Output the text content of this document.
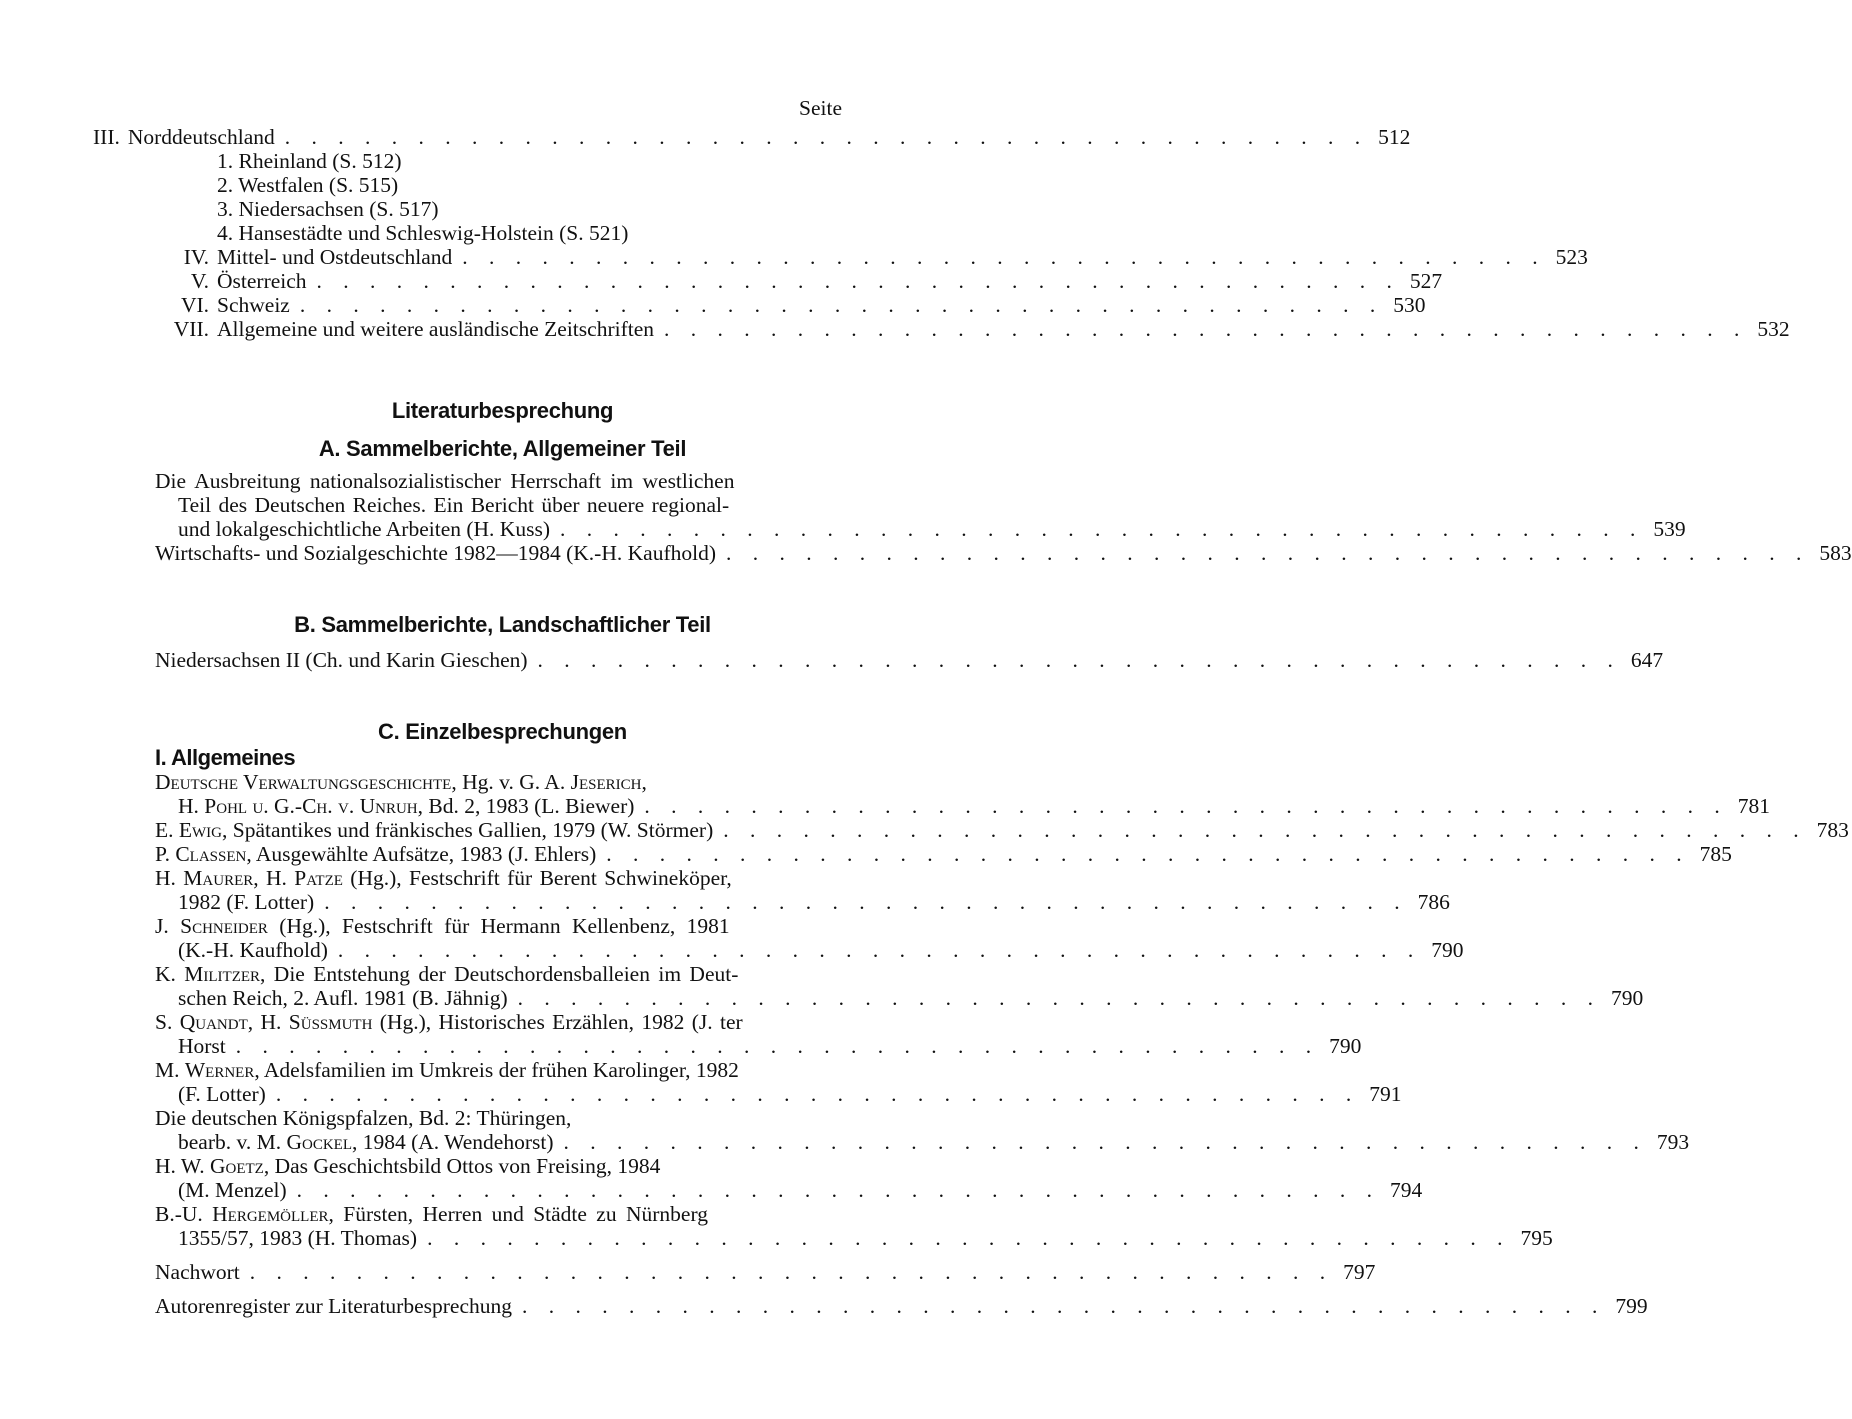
Seite
III. Norddeutschland . . . . . . . . . . . . . . . . . . . . . . . . . . . . . . . . . . . . . . . . . 512
1. Rheinland (S. 512)
2. Westfalen (S. 515)
3. Niedersachsen (S. 517)
4. Hansestädte und Schleswig-Holstein (S. 521)
IV. Mittel- und Ostdeutschland . . . . . . . . . . . . . . . . . . . . . . . . . . . . . . . . . . . . . . . . . 523
V. Österreich . . . . . . . . . . . . . . . . . . . . . . . . . . . . . . . . . . . . . . . . . 527
VI. Schweiz . . . . . . . . . . . . . . . . . . . . . . . . . . . . . . . . . . . . . . . . . 530
VII. Allgemeine und weitere ausländische Zeitschriften . . . . . . . . . . . . . . . . . . . . . . . . . . . . . . . . . . . . . . . . . 532
Literaturbesprechung
A. Sammelberichte, Allgemeiner Teil
Die Ausbreitung nationalsozialistischer Herrschaft im westlichen
Teil des Deutschen Reiches. Ein Bericht über neuere regional-
und lokalgeschichtliche Arbeiten (H. Kuss) . . . . . . . . . . . . . . . . . . . . . . . . . . . . . . . . . . . . . . . . . 539
Wirtschafts- und Sozialgeschichte 1982—1984 (K.-H. Kaufhold) . . . . . . . . . . . . . . . . . . . . . . . . . . . . . . . . . . . . . . . . . 583
B. Sammelberichte, Landschaftlicher Teil
Niedersachsen II (Ch. und Karin Gieschen) . . . . . . . . . . . . . . . . . . . . . . . . . . . . . . . . . . . . . . . . . 647
C. Einzelbesprechungen
I. Allgemeines
Deutsche Verwaltungsgeschichte, Hg. v. G. A. Jeserich,
H. Pohl u. G.-Ch. v. Unruh, Bd. 2, 1983 (L. Biewer) . . . . . . . . . . . . . . . . . . . . . . . . . . . . . . . . . . . . . . . . . 781
E. Ewig, Spätantikes und fränkisches Gallien, 1979 (W. Störmer) . . . . . . . . . . . . . . . . . . . . . . . . . . . . . . . . . . . . . . . . . 783
P. Classen, Ausgewählte Aufsätze, 1983 (J. Ehlers) . . . . . . . . . . . . . . . . . . . . . . . . . . . . . . . . . . . . . . . . . 785
H. Maurer, H. Patze (Hg.), Festschrift für Berent Schwineköper,
1982 (F. Lotter) . . . . . . . . . . . . . . . . . . . . . . . . . . . . . . . . . . . . . . . . . 786
J. Schneider (Hg.), Festschrift für Hermann Kellenbenz, 1981
(K.-H. Kaufhold) . . . . . . . . . . . . . . . . . . . . . . . . . . . . . . . . . . . . . . . . . 790
K. Militzer, Die Entstehung der Deutschordensballeien im Deut-
schen Reich, 2. Aufl. 1981 (B. Jähnig) . . . . . . . . . . . . . . . . . . . . . . . . . . . . . . . . . . . . . . . . . 790
S. Quandt, H. Süssmuth (Hg.), Historisches Erzählen, 1982 (J. ter
Horst . . . . . . . . . . . . . . . . . . . . . . . . . . . . . . . . . . . . . . . . . 790
M. Werner, Adelsfamilien im Umkreis der frühen Karolinger, 1982
(F. Lotter) . . . . . . . . . . . . . . . . . . . . . . . . . . . . . . . . . . . . . . . . . 791
Die deutschen Königspfalzen, Bd. 2: Thüringen,
bearb. v. M. Gockel, 1984 (A. Wendehorst) . . . . . . . . . . . . . . . . . . . . . . . . . . . . . . . . . . . . . . . . . 793
H. W. Goetz, Das Geschichtsbild Ottos von Freising, 1984
(M. Menzel) . . . . . . . . . . . . . . . . . . . . . . . . . . . . . . . . . . . . . . . . . 794
B.-U. Hergemöller, Fürsten, Herren und Städte zu Nürnberg
1355/57, 1983 (H. Thomas) . . . . . . . . . . . . . . . . . . . . . . . . . . . . . . . . . . . . . . . . . 795
Nachwort . . . . . . . . . . . . . . . . . . . . . . . . . . . . . . . . . . . . . . . . . 797
Autorenregister zur Literaturbesprechung . . . . . . . . . . . . . . . . . . . . . . . . . . . . . . . . . . . . . . . . . 799
